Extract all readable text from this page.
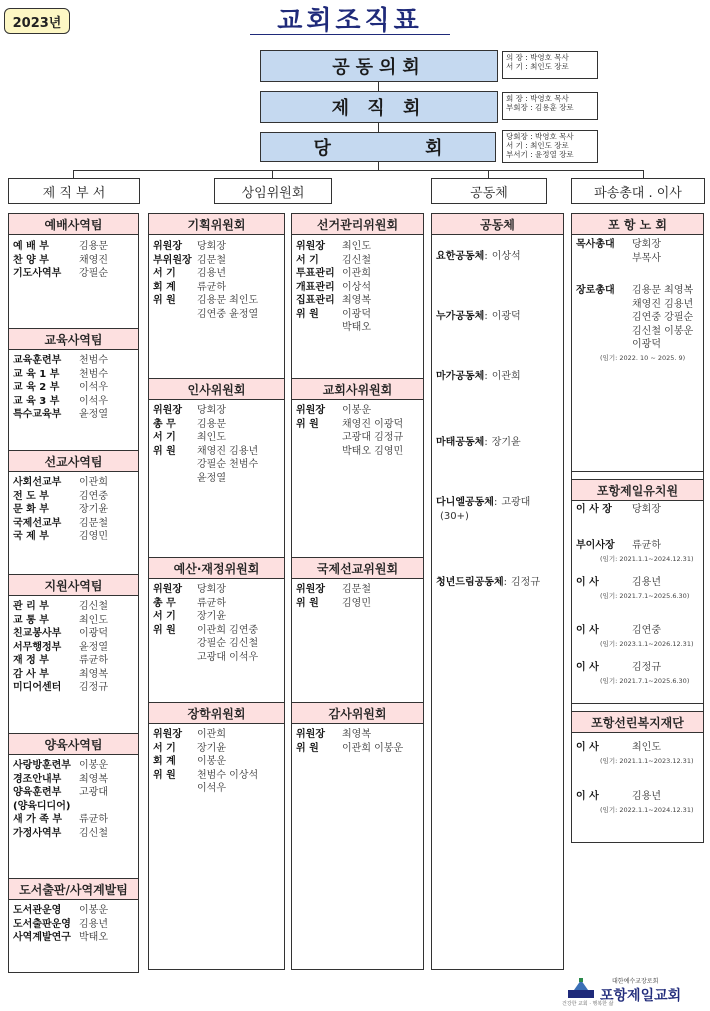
2023년	교회조직표
공동의회
제 직 회
당 회
의 장 : 박영호 목사
서 기 : 최인도 장로
회 장 : 박영호 목사
부회장 : 김용훈 장로
당회장 : 박영호 목사
서 기 : 최인도 장로
부서기 : 윤정열 장로
제 직 부 서	상임위원회	공동체	파송총대 . 이사
예배사역팀
예 배 부	김용문
찬 양 부	채영진
기도사역부	강필순
교육사역팀
교육훈련부	천범수
교 육 1 부	천범수
교 육 2 부	이석우
교 육 3 부	이석우
특수교육부	윤정열
선교사역팀
사회선교부	이관희
전 도 부	김연중
문 화 부	장기윤
국제선교부	김문철
국 제 부	김영민
지원사역팀
관 리 부	김신철
교 통 부	최인도
친교봉사부	이광덕
서무행정부	윤정열
재 정 부	류균하
감 사 부	최영복
미디어센터	김정규
양육사역팀
사랑방훈련부 이봉운
경조안내부	최영복
양육훈련부	고광대
(양육디디어)
새 가 족 부	류균하
가정사역부	김신철
도서출판/사역계발팀
도서관운영	이봉운
도서출판운영 김용년
사역계발연구 박태오
기획위원회
위원장	당회장
부위원장 김문철
서 기	김용년
회 계	류균하
위 원	김용문 최인도
김연중 윤정열
인사위원회
위원장	당회장
총 무	김용문
서 기	최인도
위 원	채영진 김용년
강필순 천범수
윤정열
예산·재정위원회
위원장	당회장
총 무	류균하
서 기	장기윤
위 원	이관희 김연중
강필순 김신철
고광대 이석우
장학위원회
위원장	이관희
서 기	장기윤
회 계	이봉운
위 원	천범수 이상석
이석우
선거관리위원회
위원장	최인도
서 기	김신철
투표관리 이관희
개표관리 이상석
집표관리 최영복
위 원	이광덕
박태오
교회사위원회
위원장	이봉운
위 원	채영진 이광덕
고광대 김정규
박태오 김영민
국제선교위원회
위원장	김문철
위 원	김영민
감사위원회
위원장	최영복
위 원	이관희 이봉운
공동체
요한공동체 : 이상석
누가공동체 : 이광덕
마가공동체 : 이관희
마태공동체 : 장기윤
다니엘공동체 : 고광대
(30+)
청년드림공동체 : 김정규
포 항 노 회
목사총대	당회장
부목사
장로총대	김용문 최영복
채영진 김용년
김연중 강필순
김신철 이봉운
이광덕
(임기: 2022. 10 ~ 2025. 9)
포항제일유치원
이 사 장	당회장
부이사장	류균하
(임기: 2021.1.1~2024.12.31)
이 사	김용년
(임기: 2021.7.1~2025.6.30)
이 사	김연중
(임기: 2023.1.1~2026.12.31)
이 사	김정규
(임기: 2021.7.1~2025.6.30)
포항선린복지재단
이 사	최인도
(임기: 2021.1.1~2023.12.31)
이 사	김용년
(임기: 2022.1.1~2024.12.31)
대한예수교장로회
포항제일교회
건강한 교회 · 행복한 삶
